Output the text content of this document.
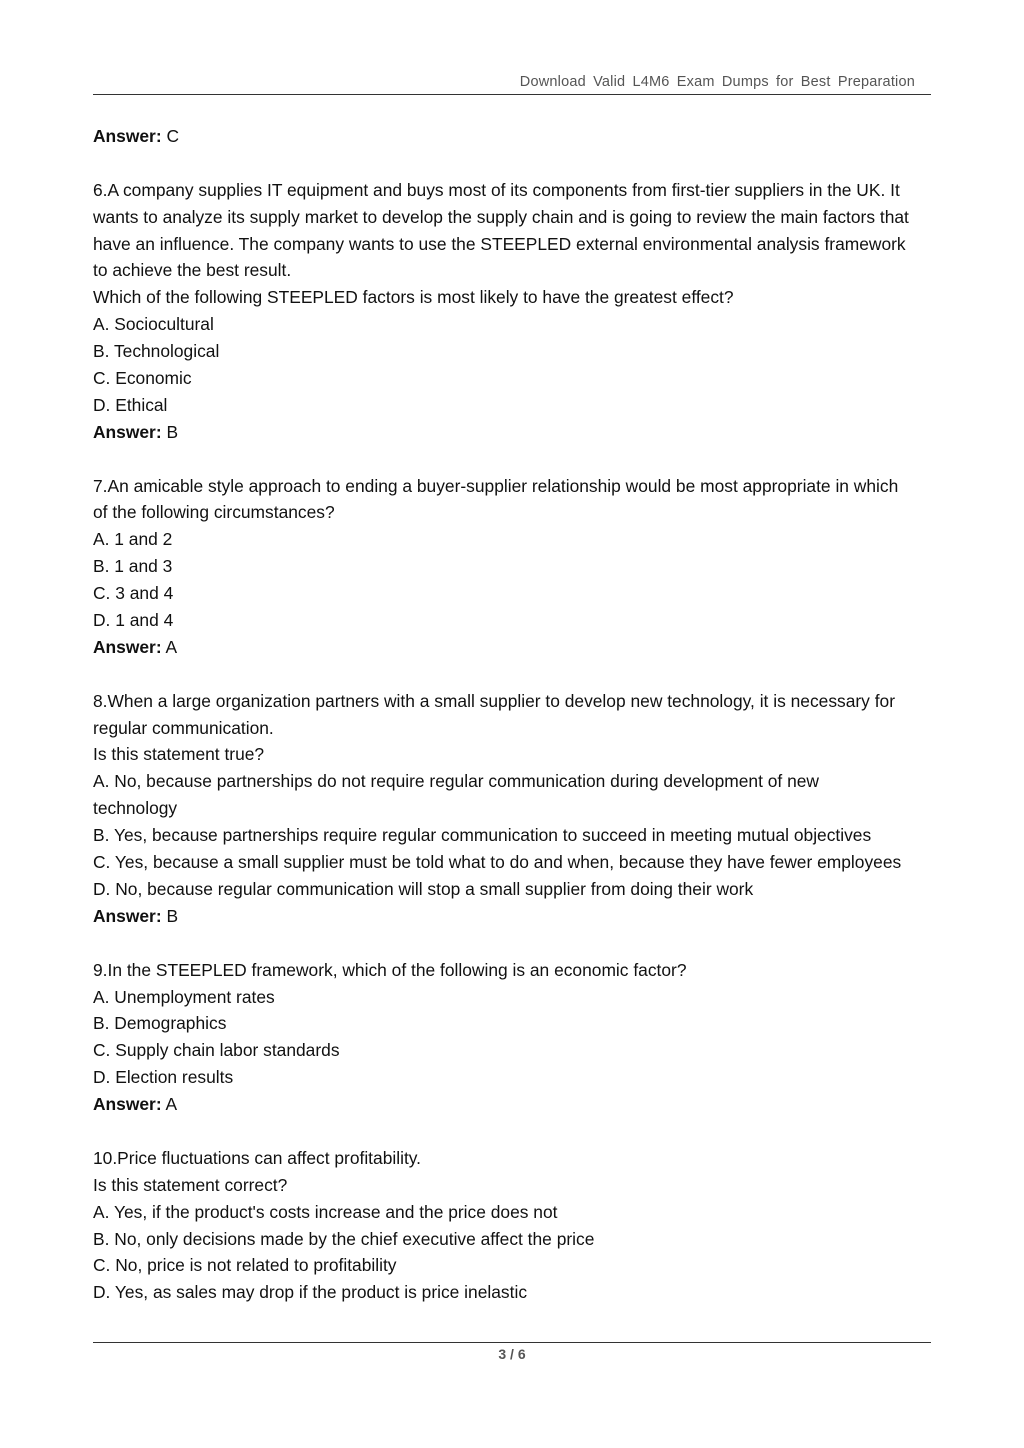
Download Valid L4M6 Exam Dumps for Best Preparation
Answer: C
6.A company supplies IT equipment and buys most of its components from first-tier suppliers in the UK. It
wants to analyze its supply market to develop the supply chain and is going to review the main factors that
have an influence. The company wants to use the STEEPLED external environmental analysis framework
to achieve the best result.
Which of the following STEEPLED factors is most likely to have the greatest effect?
A. Sociocultural
B. Technological
C. Economic
D. Ethical
Answer: B
7.An amicable style approach to ending a buyer-supplier relationship would be most appropriate in which
of the following circumstances?
A. 1 and 2
B. 1 and 3
C. 3 and 4
D. 1 and 4
Answer: A
8.When a large organization partners with a small supplier to develop new technology, it is necessary for
regular communication.
Is this statement true?
A. No, because partnerships do not require regular communication during development of new
technology
B. Yes, because partnerships require regular communication to succeed in meeting mutual objectives
C. Yes, because a small supplier must be told what to do and when, because they have fewer employees
D. No, because regular communication will stop a small supplier from doing their work
Answer: B
9.In the STEEPLED framework, which of the following is an economic factor?
A. Unemployment rates
B. Demographics
C. Supply chain labor standards
D. Election results
Answer: A
10.Price fluctuations can affect profitability.
Is this statement correct?
A. Yes, if the product's costs increase and the price does not
B. No, only decisions made by the chief executive affect the price
C. No, price is not related to profitability
D. Yes, as sales may drop if the product is price inelastic
3 / 6
